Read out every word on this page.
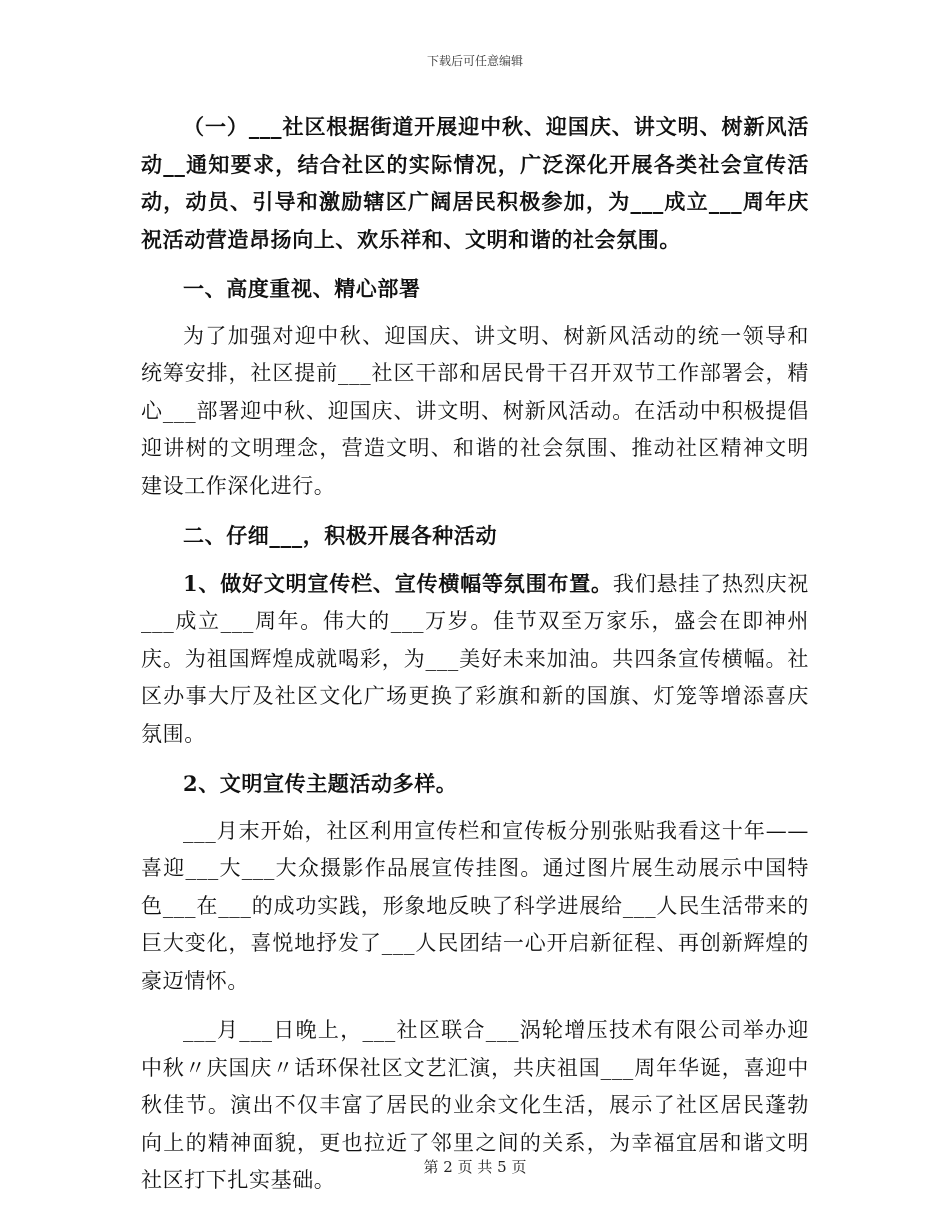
下载后可任意编辑

（一）___社区根据街道开展迎中秋、迎国庆、讲文明、树新风活动__通知要求，结合社区的实际情况，广泛深化开展各类社会宣传活动，动员、引导和激励辖区广阔居民积极参加，为___成立___周年庆祝活动营造昂扬向上、欢乐祥和、文明和谐的社会氛围。

一、高度重视、精心部署

为了加强对迎中秋、迎国庆、讲文明、树新风活动的统一领导和统筹安排，社区提前___社区干部和居民骨干召开双节工作部署会，精心___部署迎中秋、迎国庆、讲文明、树新风活动。在活动中积极提倡迎讲树的文明理念，营造文明、和谐的社会氛围、推动社区精神文明建设工作深化进行。

二、仔细___，积极开展各种活动

1、做好文明宣传栏、宣传横幅等氛围布置。我们悬挂了热烈庆祝___成立___周年。伟大的___万岁。佳节双至万家乐，盛会在即神州庆。为祖国辉煌成就喝彩，为___美好未来加油。共四条宣传横幅。社区办事大厅及社区文化广场更换了彩旗和新的国旗、灯笼等增添喜庆氛围。

2、文明宣传主题活动多样。

___月末开始，社区利用宣传栏和宣传板分别张贴我看这十年——喜迎___大___大众摄影作品展宣传挂图。通过图片展生动展示中国特色___在___的成功实践，形象地反映了科学进展给___人民生活带来的巨大变化，喜悦地抒发了___人民团结一心开启新征程、再创新辉煌的豪迈情怀。

___月___日晚上，___社区联合___涡轮增压技术有限公司举办迎中秋〃庆国庆〃话环保社区文艺汇演，共庆祖国___周年华诞，喜迎中秋佳节。演出不仅丰富了居民的业余文化生活，展示了社区居民蓬勃向上的精神面貌，更也拉近了邻里之间的关系，为幸福宜居和谐文明社区打下扎实基础。

第 2 页 共 5 页
